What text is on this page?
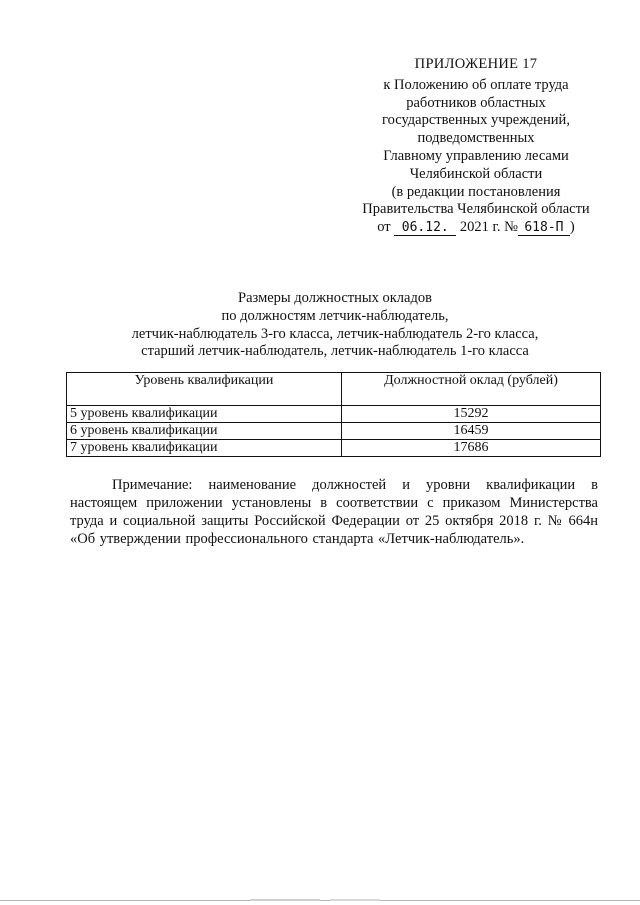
ПРИЛОЖЕНИЕ 17
к Положению об оплате труда
работников областных
государственных учреждений,
подведомственных
Главному управлению лесами
Челябинской области
(в редакции постановления
Правительства Челябинской области
от 06.12. 2021 г. № 618-П )
Размеры должностных окладов
по должностям летчик-наблюдатель,
летчик-наблюдатель 3-го класса, летчик-наблюдатель 2-го класса,
старший летчик-наблюдатель, летчик-наблюдатель 1-го класса
Уровень квалификации	Должностной оклад (рублей)
5 уровень квалификации	15292
6 уровень квалификации	16459
7 уровень квалификации	17686
Примечание: наименование должностей и уровни квалификации в настоящем приложении установлены в соответствии с приказом Министерства труда и социальной защиты Российской Федерации от 25 октября 2018 г. № 664н «Об утверждении профессионального стандарта «Летчик-наблюдатель».
